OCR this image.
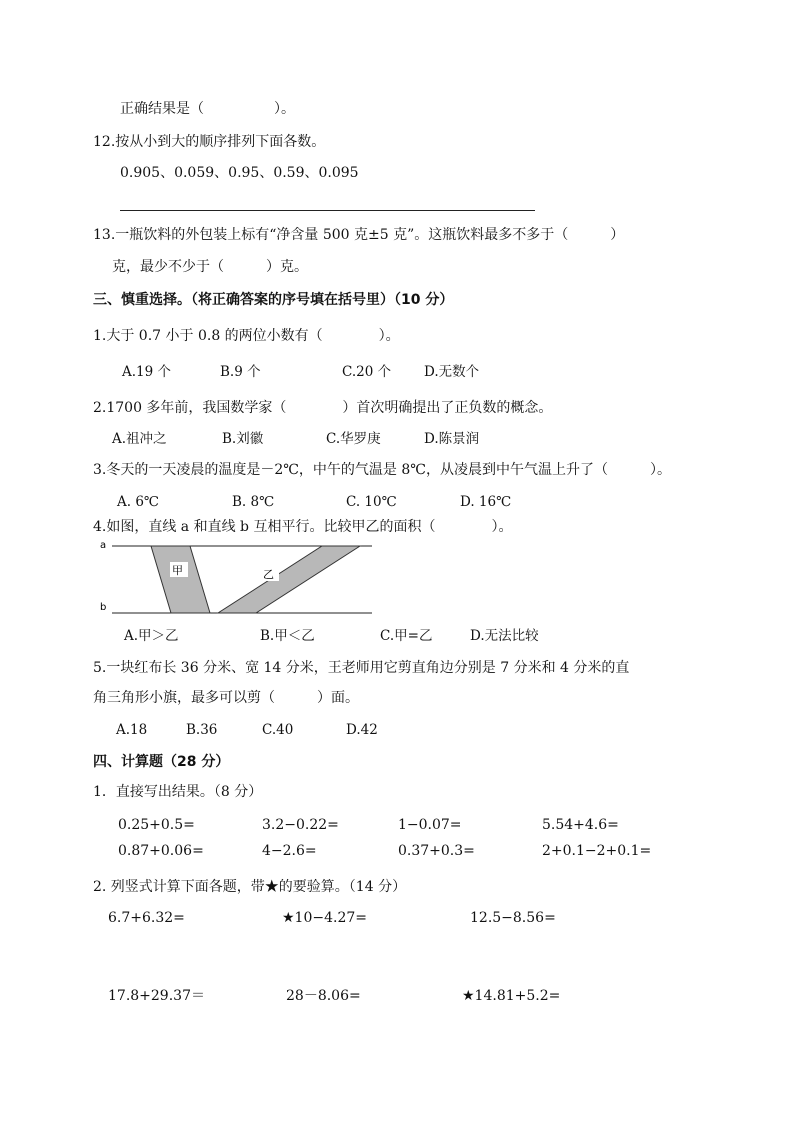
正确结果是（　　　　　）。
12.按从小到大的顺序排列下面各数。
0.905、0.059、0.95、0.59、0.095
13.一瓶饮料的外包装上标有“净含量 500 克±5 克”。这瓶饮料最多不多于（　　　）
克，最少不少于（　　　）克。
三、慎重选择。（将正确答案的序号填在括号里）（10 分）
1.大于 0.7 小于 0.8 的两位小数有（　　　　）。
A.19 个	B.9 个	C.20 个 D.无数个
2.1700 多年前，我国数学家（　　　　）首次明确提出了正负数的概念。
A.祖冲之	B.刘徽	C.华罗庚	D.陈景润
3.冬天的一天凌晨的温度是－2℃，中午的气温是 8℃，从凌晨到中午气温上升了（　　　）。
A. 6℃	B. 8℃	C. 10℃	D. 16℃
4.如图，直线 a 和直线 b 互相平行。比较甲乙的面积（　　　　）。
a
b
甲	乙
A.甲＞乙	B.甲＜乙	C.甲=乙	D.无法比较
5.一块红布长 36 分米、宽 14 分米，王老师用它剪直角边分别是 7 分米和 4 分米的直
角三角形小旗，最多可以剪（　　　）面。
A.18	B.36	C.40	D.42
四、计算题（28 分）
1．直接写出结果。（8 分）
0.25+0.5=	3.2−0.22=	1−0.07=	5.54+4.6=
0.87+0.06=	4−2.6=	0.37+0.3=	2+0.1−2+0.1=
2. 列竖式计算下面各题，带★的要验算。（14 分）
6.7+6.32=	★10−4.27=	12.5−8.56=
17.8+29.37＝	28－8.06=	★14.81+5.2=
